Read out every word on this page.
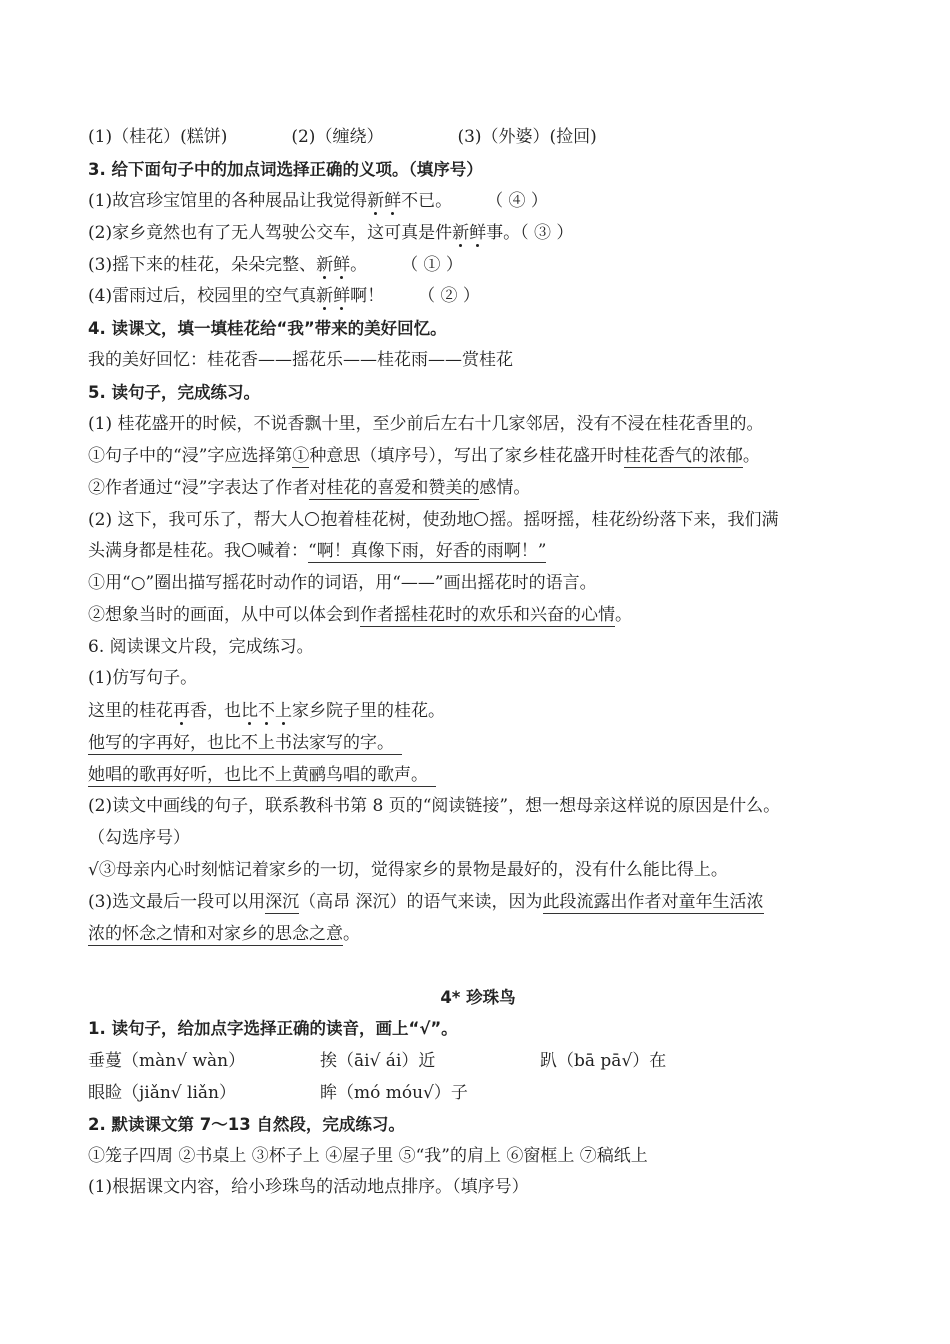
(1)（桂花）(糕饼)	(2)（缠绕）	(3)（外婆）(捡回)
3. 给下面句子中的加点词选择正确的义项。（填序号）
(1)故宫珍宝馆里的各种展品让我觉得新鲜不已。 （ ④ ）
(2)家乡竟然也有了无人驾驶公交车，这可真是件新鲜事。（ ③ ）
(3)摇下来的桂花，朵朵完整、新鲜。 （ ① ）
(4)雷雨过后，校园里的空气真新鲜啊！ （ ② ）
4. 读课文，填一填桂花给“我”带来的美好回忆。
我的美好回忆：桂花香——摇花乐——桂花雨——赏桂花
5. 读句子，完成练习。
(1) 桂花盛开的时候，不说香飘十里，至少前后左右十几家邻居，没有不浸在桂花香里的。
①句子中的“浸”字应选择第①种意思（填序号），写出了家乡桂花盛开时桂花香气的浓郁。
②作者通过“浸”字表达了作者对桂花的喜爱和赞美的感情。
(2) 这下，我可乐了，帮大人○抱着桂花树，使劲地○摇。摇呀摇，桂花纷纷落下来，我们满
头满身都是桂花。我○喊着：“啊！真像下雨，好香的雨啊！”
①用“○”圈出描写摇花时动作的词语，用“——”画出摇花时的语言。
②想象当时的画面，从中可以体会到作者摇桂花时的欢乐和兴奋的心情。
6. 阅读课文片段，完成练习。
(1)仿写句子。
这里的桂花再香，也比不上家乡院子里的桂花。
他写的字再好，也比不上书法家写的字。
她唱的歌再好听，也比不上黄鹂鸟唱的歌声。
(2)读文中画线的句子，联系教科书第 8 页的“阅读链接”，想一想母亲这样说的原因是什么。
（勾选序号）
√③母亲内心时刻惦记着家乡的一切，觉得家乡的景物是最好的，没有什么能比得上。
(3)选文最后一段可以用深沉（高昂 深沉）的语气来读，因为此段流露出作者对童年生活浓
浓的怀念之情和对家乡的思念之意。
4* 珍珠鸟
1. 读句子，给加点字选择正确的读音，画上“√”。
垂蔓（màn√ wàn）	挨（āi√ ái）近	趴（bā pā√）在
眼睑（jiǎn√ liǎn）	眸（mó móu√）子
2. 默读课文第 7～13 自然段，完成练习。
①笼子四周 ②书桌上 ③杯子上 ④屋子里 ⑤“我”的肩上 ⑥窗框上 ⑦稿纸上
(1)根据课文内容，给小珍珠鸟的活动地点排序。（填序号）
